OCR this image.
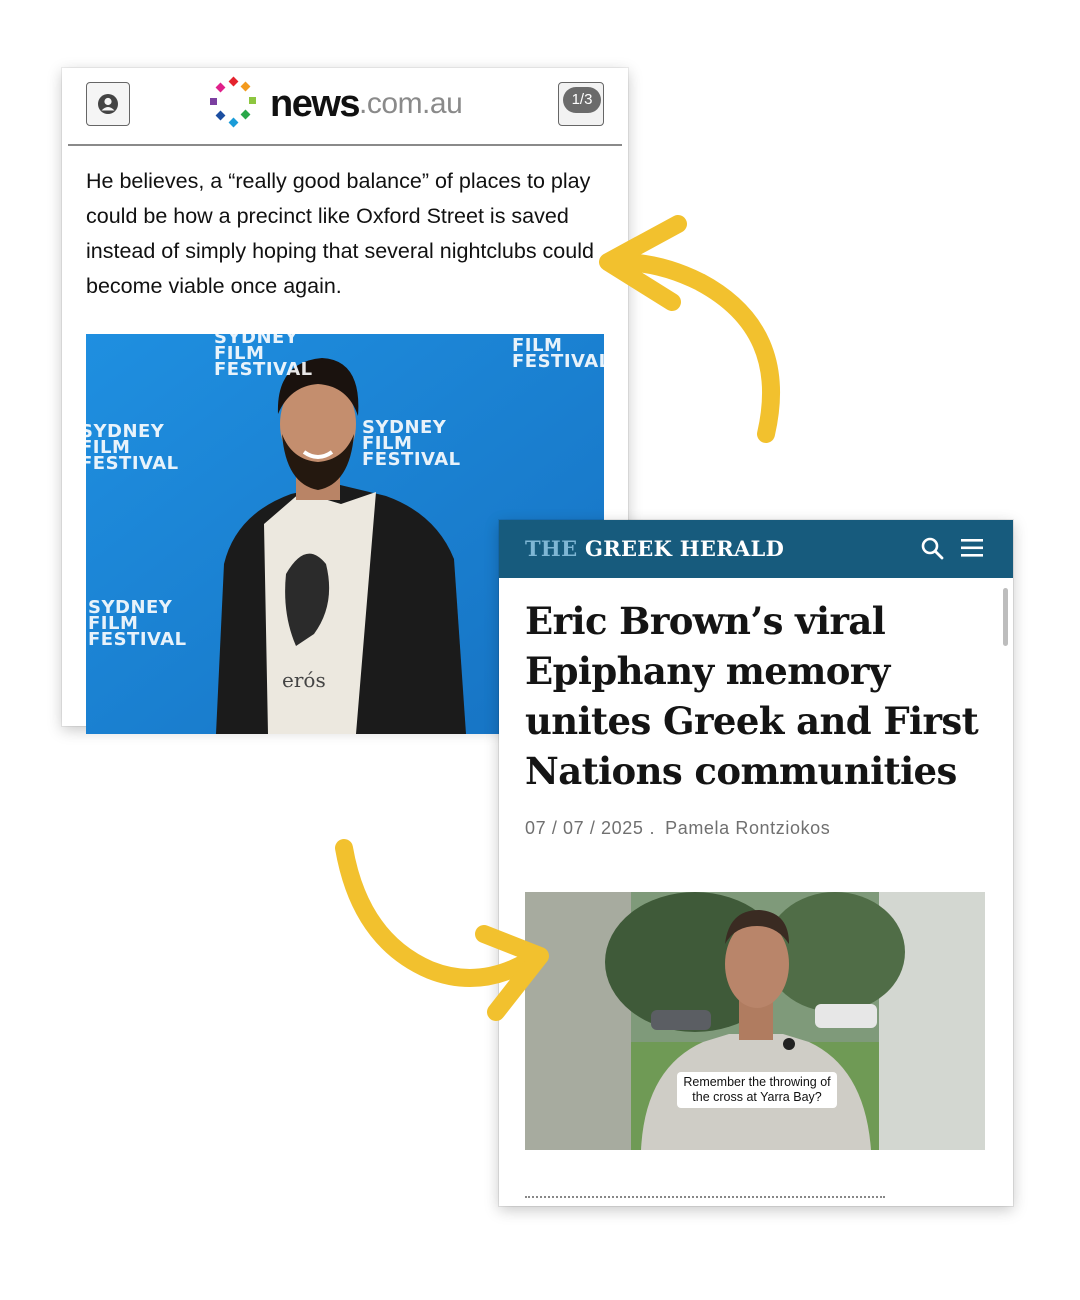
news .com.au	1/3
He believes, a “really good balance” of places to play could be how a precinct like Oxford Street is saved instead of simply hoping that several nightclubs could become viable once again.
SYDNEY
FILM
FESTIVAL
SYDNEY
FILM
FESTIVAL
SYDNEY
FILM
FESTIVAL
FILM
FESTIVAL
SYDNEY
FILM
FESTIVAL
erós
THE GREEK HERALD
Eric Brown’s viral Epiphany memory unites Greek and First Nations communities
07 / 07 / 2025 . Pamela Rontziokos
Remember the throwing of the cross at Yarra Bay?
